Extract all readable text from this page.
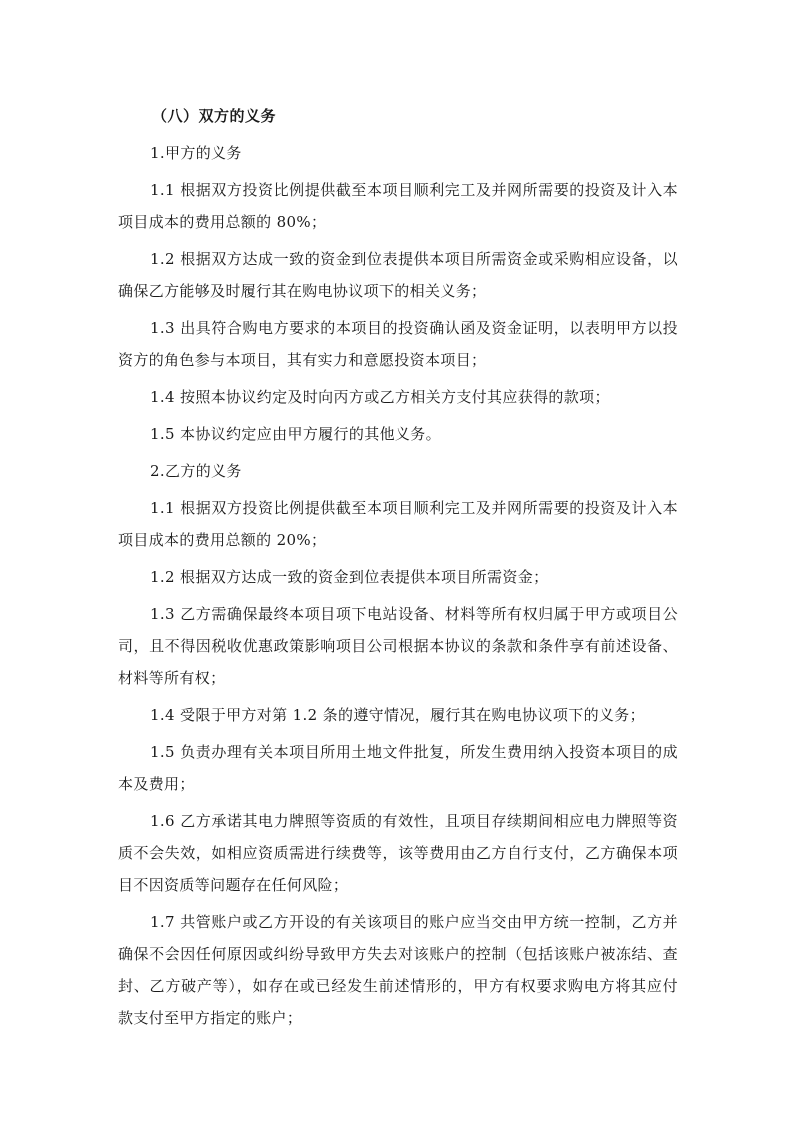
（八）双方的义务

1.甲方的义务

1.1 根据双方投资比例提供截至本项目顺利完工及并网所需要的投资及计入本项目成本的费用总额的 80%；

1.2 根据双方达成一致的资金到位表提供本项目所需资金或采购相应设备，以确保乙方能够及时履行其在购电协议项下的相关义务；

1.3 出具符合购电方要求的本项目的投资确认函及资金证明，以表明甲方以投资方的角色参与本项目，其有实力和意愿投资本项目；

1.4 按照本协议约定及时向丙方或乙方相关方支付其应获得的款项；

1.5 本协议约定应由甲方履行的其他义务。

2.乙方的义务

1.1 根据双方投资比例提供截至本项目顺利完工及并网所需要的投资及计入本项目成本的费用总额的 20%；

1.2 根据双方达成一致的资金到位表提供本项目所需资金；

1.3 乙方需确保最终本项目项下电站设备、材料等所有权归属于甲方或项目公司，且不得因税收优惠政策影响项目公司根据本协议的条款和条件享有前述设备、材料等所有权；

1.4 受限于甲方对第 1.2 条的遵守情况，履行其在购电协议项下的义务；

1.5 负责办理有关本项目所用土地文件批复，所发生费用纳入投资本项目的成本及费用；

1.6 乙方承诺其电力牌照等资质的有效性，且项目存续期间相应电力牌照等资质不会失效，如相应资质需进行续费等，该等费用由乙方自行支付，乙方确保本项目不因资质等问题存在任何风险；

1.7 共管账户或乙方开设的有关该项目的账户应当交由甲方统一控制，乙方并确保不会因任何原因或纠纷导致甲方失去对该账户的控制（包括该账户被冻结、查封、乙方破产等），如存在或已经发生前述情形的，甲方有权要求购电方将其应付款支付至甲方指定的账户；
